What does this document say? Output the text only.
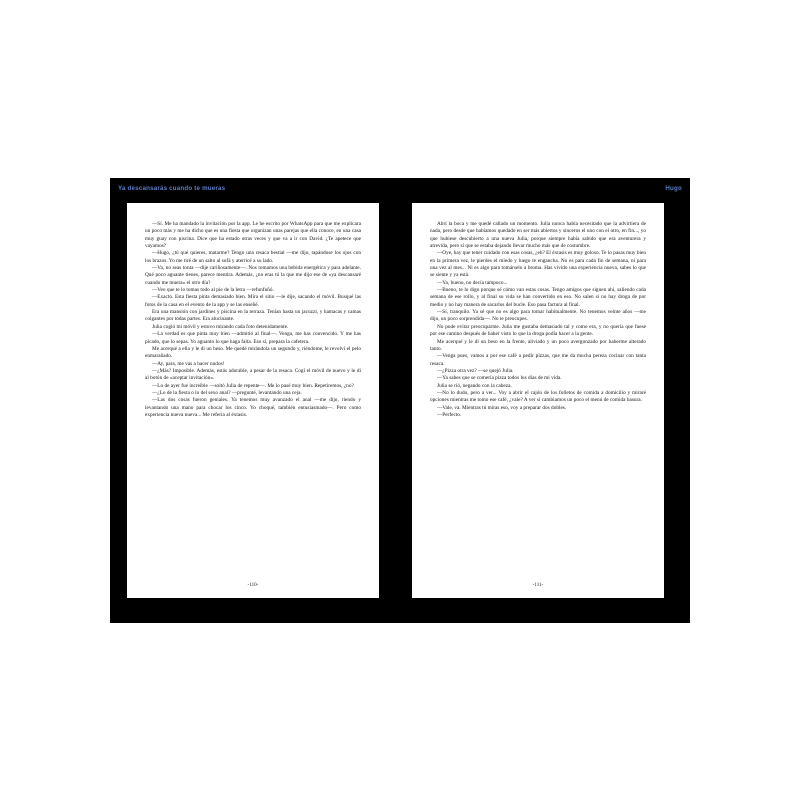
Ya descansarás cuando te mueras	Hugo

—Sí. Me ha mandado la invitación por la app. Le he escrito por WhatsApp para que me explicara un poco más y me ha dicho que es una fiesta que organizan unas parejas que ella conoce, en una casa muy guay con piscina. Dice que ha estado otras veces y que va a ir con David. ¿Te apetece que vayamos?

—Hugo, ¿tú qué quieres, matarme? Tengo una resaca bestial —me dijo, tapándose los ojos con los brazos. Yo me tiré de un salto al sofá y aterricé a su lado.

—Va, no seas tonta —dije cariñosamente—. Nos tomamos una bebida energética y para adelante. Qué poco aguante tienes, parece mentira. Además, ¿no eras tú la que me dijo ese de «ya descansaré cuando me muera» el otro día?

—Veo que te lo tomas todo al pie de la letra —refunfuñó.

—Exacto. Esta fiesta pinta demasiado bien. Mira el sitio —le dije, sacando el móvil. Busqué las fotos de la casa en el evento de la app y se las enseñé.

Era una mansión con jardines y piscina en la terraza. Tenían hasta un jacuzzi, y hamacas y camas colgantes por todas partes. Era alucinante.

Julia cogió mi móvil y estuvo mirando cada foto detenidamente.

—La verdad es que pinta muy bien —admitió al final—. Venga, me has convencido. Y me has picado, que lo sepas. Yo aguanto lo que haga falta. Eso sí, prepara la cafetera.

Me acerqué a ella y le di un beso. Me quedé mirándola un segundo y, riéndome, le revolví el pelo enmarañado.

—Ay, para, me vas a hacer nudos!

—¿Más? Imposible. Además, estás adorable, a pesar de la resaca. Cogí el móvil de nuevo y le di al botón de «aceptar invitación».

—Lo de ayer fue increíble —soltó Julia de repente—. Me lo pasé muy bien. Repetiremos, ¿no?

—¿Lo de la fiesta o lo del sexo anal? —pregunté, levantando una ceja.

—Las dos cosas fueron geniales. Ya tenemos muy avanzado el anal —me dijo, riendo y levantando una mano para chocar los cinco. Yo choqué, también entusiasmado—. Pero como experiencia nueva nueva... Me refería al éxtasis.

-110-

Abrí la boca y me quedé callado un momento. Julia nunca había necesitado que la advirtiera de nada, pero desde que habíamos quedado en ser más abiertos y sinceros el uno con el otro, en fin..., yo que hubiese descubierto a una nueva Julia, porque siempre había sabido que era aventurera y atrevida, pero sí que se estaba dejando llevar mucho más que de costumbre.

—Oye, hay que tener cuidado con esas cosas, ¿eh? El éxtasis es muy goloso. Te lo pasas muy bien en la primera vez, le pierdes el miedo y luego te engancha. No es para cada fin de semana, ni para una vez al mes... Ni es algo para tomárselo a broma. Has vivido una experiencia nueva, sabes lo que se siente y ya está.

—Ya, bueno, no decía tampoco...

—Bueno, te lo digo porque sé cómo van estas cosas. Tengo amigos que siguen ahí, saliendo cada semana de ese rollo, y al final su vida se han convertido en eso. No salen si no hay droga de por medio y no hay manera de sacarlos del bucle. Eso pasa factura al final.

—Sí, tranquilo. Ya sé que no es algo para tomar habitualmente. No tenemos veinte años —me dijo, un poco sorprendida—. No te preocupes.

No pude evitar preocuparme. Julia me gustaba demasiado tal y como era, y no quería que fuese por ese camino después de haber visto lo que la droga podía hacer a la gente.

Me acerqué y le di un beso en la frente, aliviado y un poco avergonzado por haberme alterado tanto.

—Venga pues, vamos a por ese café a pedir pizzas, que me da mucha pereza cocinar con tanta resaca.

—¿Pizza otra vez? —se quejó Julia.

—Ya sabes que se comería pizza todos los días de mi vida.

Julia se rió, negando con la cabeza.

—No lo dudo, pero a ver... Voy a abrir el cajón de los folletos de comida a domicilio y miraré opciones mientras me tomo ese café, ¿vale? A ver si cambiamos un poco el menú de comida basura.

—Vale, va. Mientras tú miras eso, voy a preparar dos dobles.

—Perfecto.

-111-
